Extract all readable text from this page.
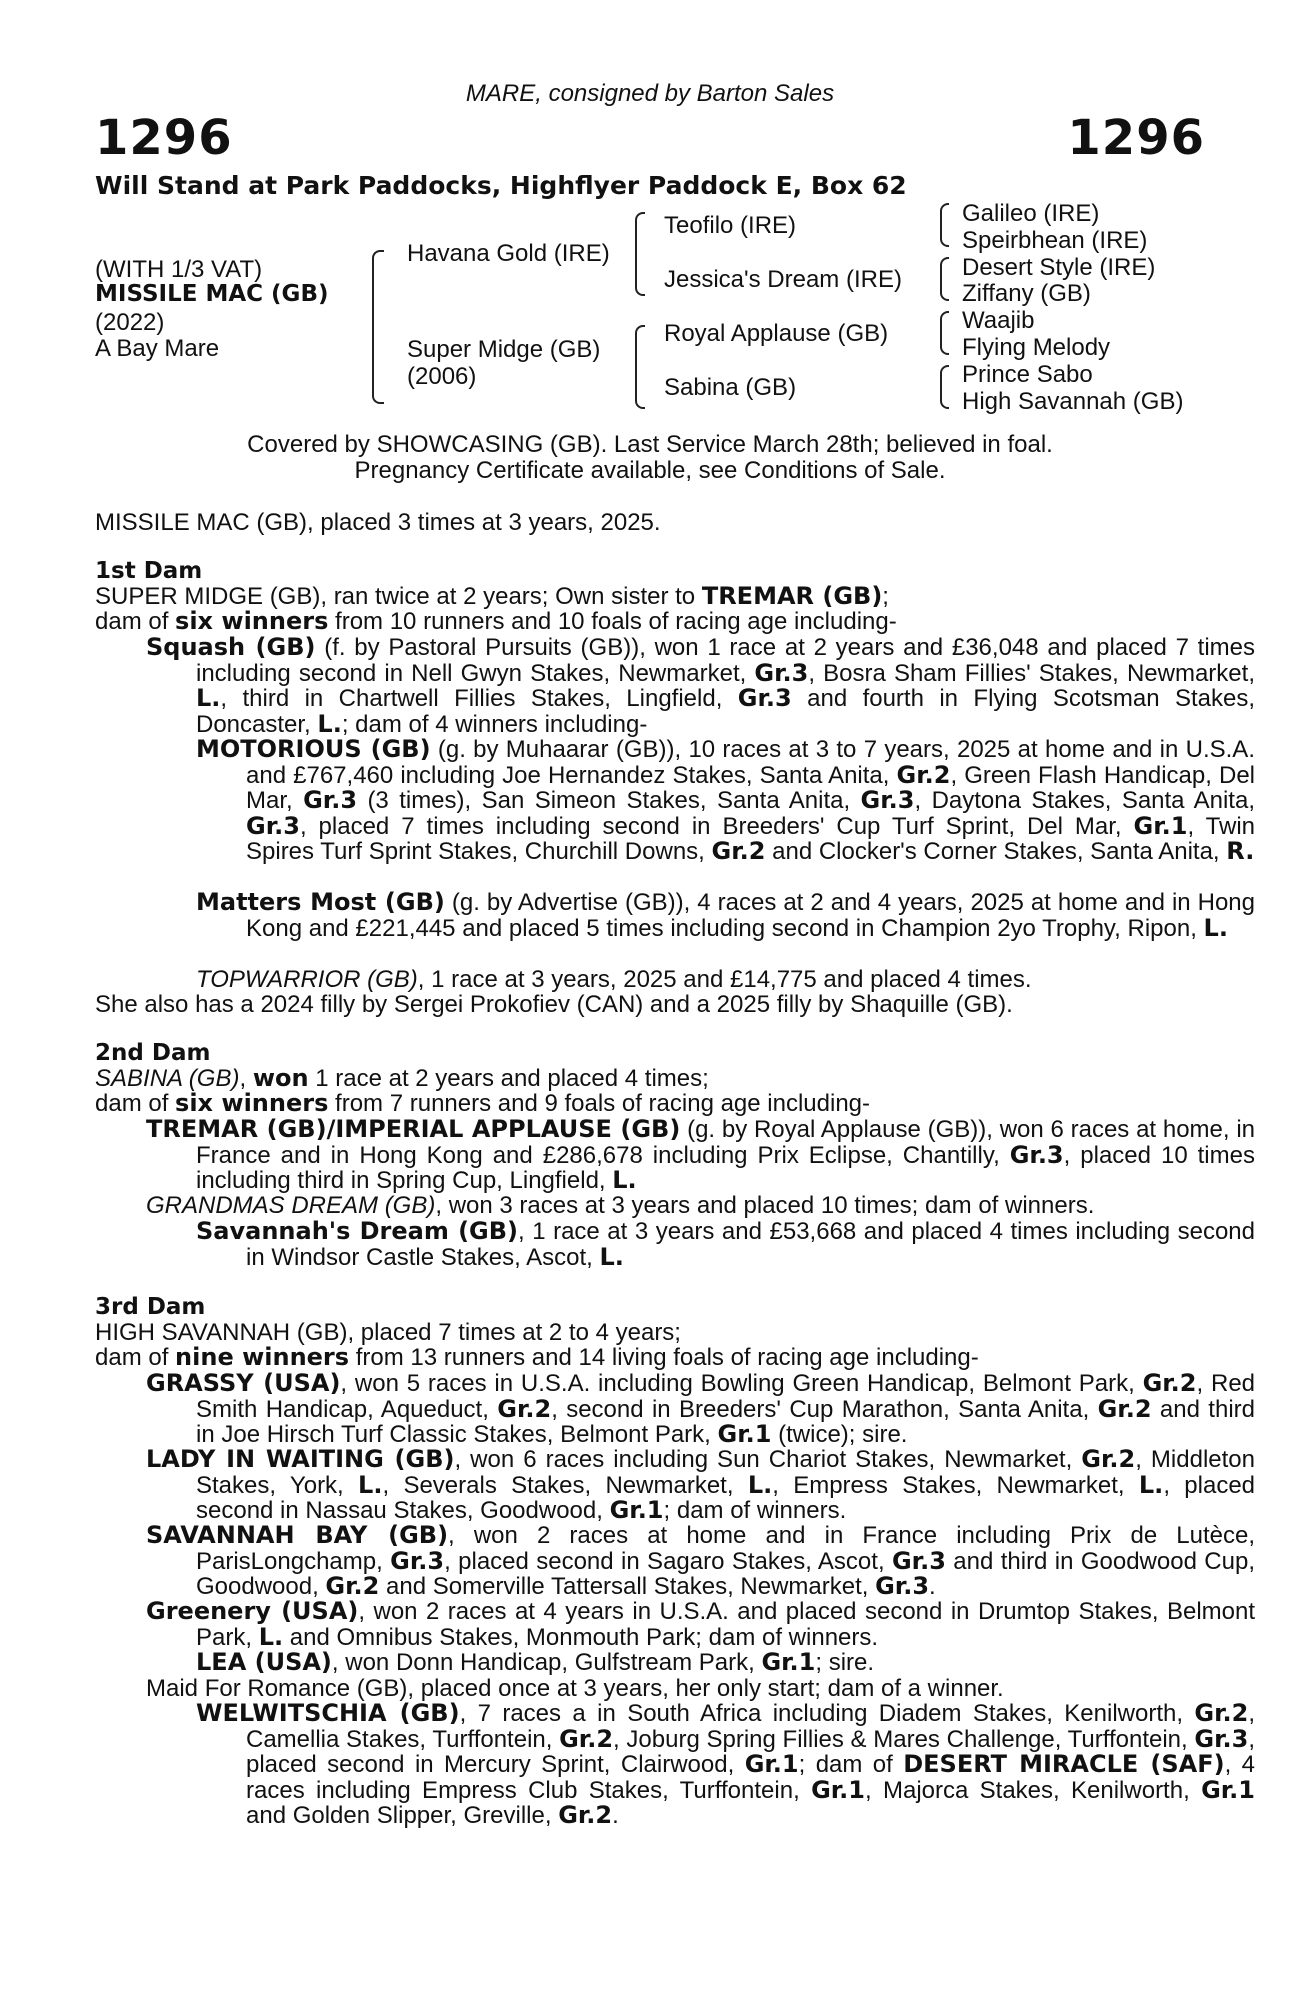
MARE, consigned by Barton Sales
1296	1296
Will Stand at Park Paddocks, Highflyer Paddock E, Box 62
(WITH 1/3 VAT)
MISSILE MAC (GB)
(2022)
A Bay Mare
Havana Gold (IRE)
Super Midge (GB)
(2006)
Teofilo (IRE)
Jessica's Dream (IRE)
Royal Applause (GB)
Sabina (GB)
Galileo (IRE)
Speirbhean (IRE)
Desert Style (IRE)
Ziffany (GB)
Waajib
Flying Melody
Prince Sabo
High Savannah (GB)
Covered by SHOWCASING (GB). Last Service March 28th; believed in foal.
Pregnancy Certificate available, see Conditions of Sale.
MISSILE MAC (GB), placed 3 times at 3 years, 2025.
1st Dam
SUPER MIDGE (GB), ran twice at 2 years; Own sister to TREMAR (GB);
dam of six winners from 10 runners and 10 foals of racing age including-
Squash (GB) (f. by Pastoral Pursuits (GB)), won 1 race at 2 years and £36,048 and placed 7 times including second in Nell Gwyn Stakes, Newmarket, Gr.3, Bosra Sham Fillies' Stakes, Newmarket, L., third in Chartwell Fillies Stakes, Lingfield, Gr.3 and fourth in Flying Scotsman Stakes, Doncaster, L.; dam of 4 winners including-
MOTORIOUS (GB) (g. by Muhaarar (GB)), 10 races at 3 to 7 years, 2025 at home and in U.S.A. and £767,460 including Joe Hernandez Stakes, Santa Anita, Gr.2, Green Flash Handicap, Del Mar, Gr.3 (3 times), San Simeon Stakes, Santa Anita, Gr.3, Daytona Stakes, Santa Anita, Gr.3, placed 7 times including second in Breeders' Cup Turf Sprint, Del Mar, Gr.1, Twin Spires Turf Sprint Stakes, Churchill Downs, Gr.2 and Clocker's Corner Stakes, Santa Anita, R.
Matters Most (GB) (g. by Advertise (GB)), 4 races at 2 and 4 years, 2025 at home and in Hong Kong and £221,445 and placed 5 times including second in Champion 2yo Trophy, Ripon, L.
TOPWARRIOR (GB), 1 race at 3 years, 2025 and £14,775 and placed 4 times.
She also has a 2024 filly by Sergei Prokofiev (CAN) and a 2025 filly by Shaquille (GB).
2nd Dam
SABINA (GB), won 1 race at 2 years and placed 4 times;
dam of six winners from 7 runners and 9 foals of racing age including-
TREMAR (GB)/IMPERIAL APPLAUSE (GB) (g. by Royal Applause (GB)), won 6 races at home, in France and in Hong Kong and £286,678 including Prix Eclipse, Chantilly, Gr.3, placed 10 times including third in Spring Cup, Lingfield, L.
GRANDMAS DREAM (GB), won 3 races at 3 years and placed 10 times; dam of winners.
Savannah's Dream (GB), 1 race at 3 years and £53,668 and placed 4 times including second in Windsor Castle Stakes, Ascot, L.
3rd Dam
HIGH SAVANNAH (GB), placed 7 times at 2 to 4 years;
dam of nine winners from 13 runners and 14 living foals of racing age including-
GRASSY (USA), won 5 races in U.S.A. including Bowling Green Handicap, Belmont Park, Gr.2, Red Smith Handicap, Aqueduct, Gr.2, second in Breeders' Cup Marathon, Santa Anita, Gr.2 and third in Joe Hirsch Turf Classic Stakes, Belmont Park, Gr.1 (twice); sire.
LADY IN WAITING (GB), won 6 races including Sun Chariot Stakes, Newmarket, Gr.2, Middleton Stakes, York, L., Severals Stakes, Newmarket, L., Empress Stakes, Newmarket, L., placed second in Nassau Stakes, Goodwood, Gr.1; dam of winners.
SAVANNAH BAY (GB), won 2 races at home and in France including Prix de Lutèce, ParisLongchamp, Gr.3, placed second in Sagaro Stakes, Ascot, Gr.3 and third in Goodwood Cup, Goodwood, Gr.2 and Somerville Tattersall Stakes, Newmarket, Gr.3.
Greenery (USA), won 2 races at 4 years in U.S.A. and placed second in Drumtop Stakes, Belmont Park, L. and Omnibus Stakes, Monmouth Park; dam of winners.
LEA (USA), won Donn Handicap, Gulfstream Park, Gr.1; sire.
Maid For Romance (GB), placed once at 3 years, her only start; dam of a winner.
WELWITSCHIA (GB), 7 races a in South Africa including Diadem Stakes, Kenilworth, Gr.2, Camellia Stakes, Turffontein, Gr.2, Joburg Spring Fillies & Mares Challenge, Turffontein, Gr.3, placed second in Mercury Sprint, Clairwood, Gr.1; dam of DESERT MIRACLE (SAF), 4 races including Empress Club Stakes, Turffontein, Gr.1, Majorca Stakes, Kenilworth, Gr.1 and Golden Slipper, Greville, Gr.2.
